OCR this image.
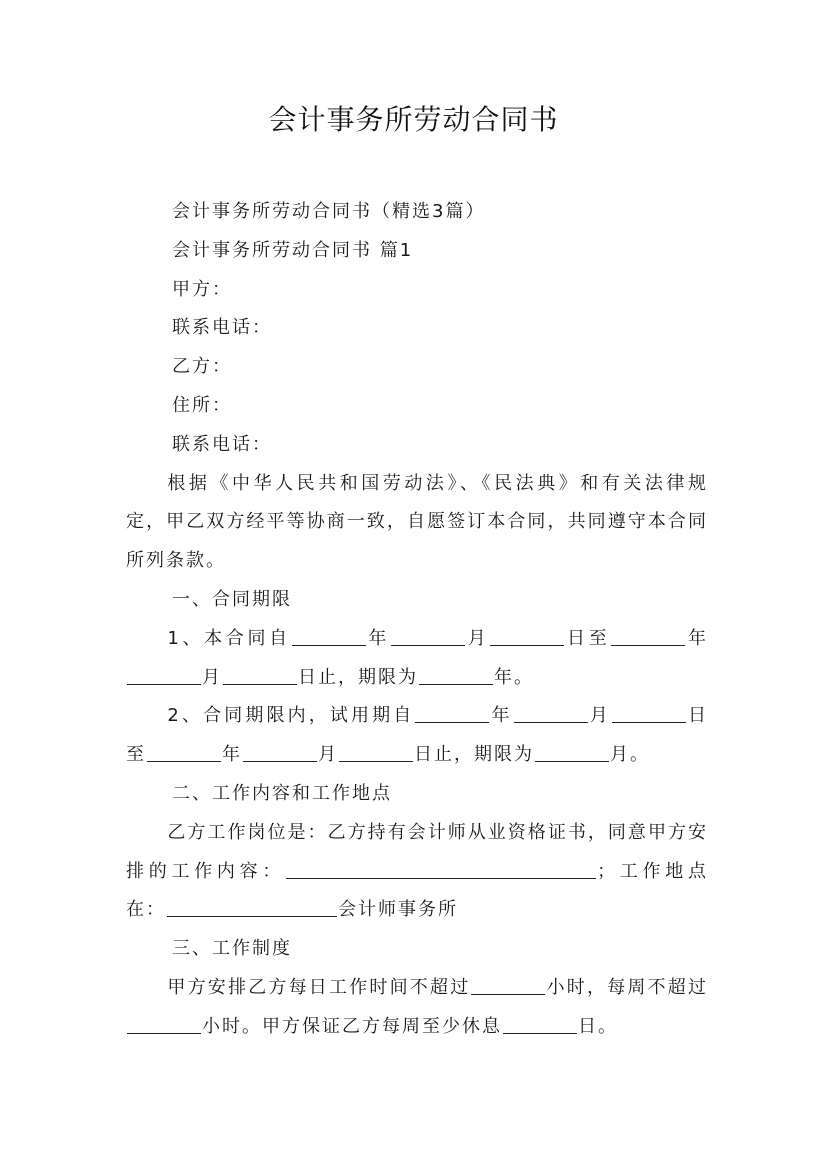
会计事务所劳动合同书

会计事务所劳动合同书（精选3篇）

会计事务所劳动合同书 篇1

甲方：

联系电话：

乙方：

住所：

联系电话：

根据《中华人民共和国劳动法》、《民法典》和有关法律规定，甲乙双方经平等协商一致，自愿签订本合同，共同遵守本合同所列条款。

一、合同期限

1、本合同自	年	月	日至	年月	日止，期限为	年。

2、合同期限内，试用期自	年	月	日至	年	月	日止，期限为	月。

二、工作内容和工作地点

乙方工作岗位是：乙方持有会计师从业资格证书，同意甲方安排的工作内容：	；工作地点在：	会计师事务所

三、工作制度

甲方安排乙方每日工作时间不超过	小时，每周不超过小时。甲方保证乙方每周至少休息	日。
